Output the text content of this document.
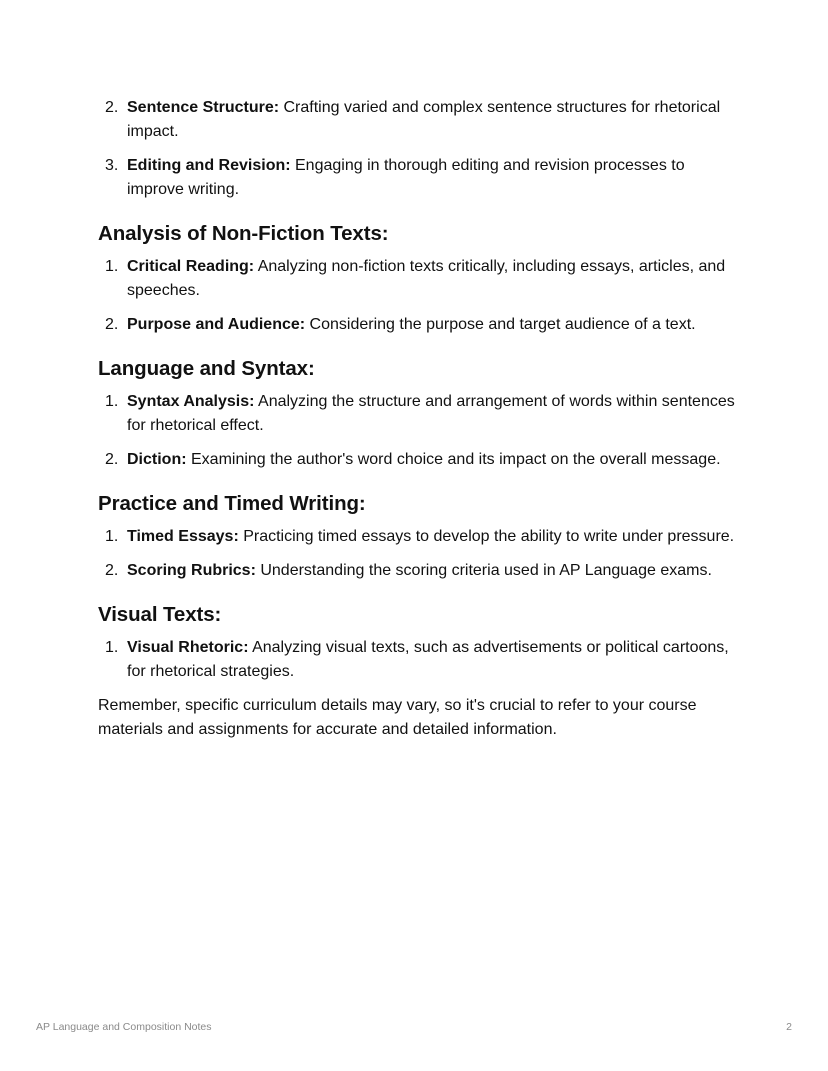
2. Sentence Structure: Crafting varied and complex sentence structures for rhetorical impact.
3. Editing and Revision: Engaging in thorough editing and revision processes to improve writing.
Analysis of Non-Fiction Texts:
1. Critical Reading: Analyzing non-fiction texts critically, including essays, articles, and speeches.
2. Purpose and Audience: Considering the purpose and target audience of a text.
Language and Syntax:
1. Syntax Analysis: Analyzing the structure and arrangement of words within sentences for rhetorical effect.
2. Diction: Examining the author's word choice and its impact on the overall message.
Practice and Timed Writing:
1. Timed Essays: Practicing timed essays to develop the ability to write under pressure.
2. Scoring Rubrics: Understanding the scoring criteria used in AP Language exams.
Visual Texts:
1. Visual Rhetoric: Analyzing visual texts, such as advertisements or political cartoons, for rhetorical strategies.

Remember, specific curriculum details may vary, so it's crucial to refer to your course materials and assignments for accurate and detailed information.

AP Language and Composition Notes	2
